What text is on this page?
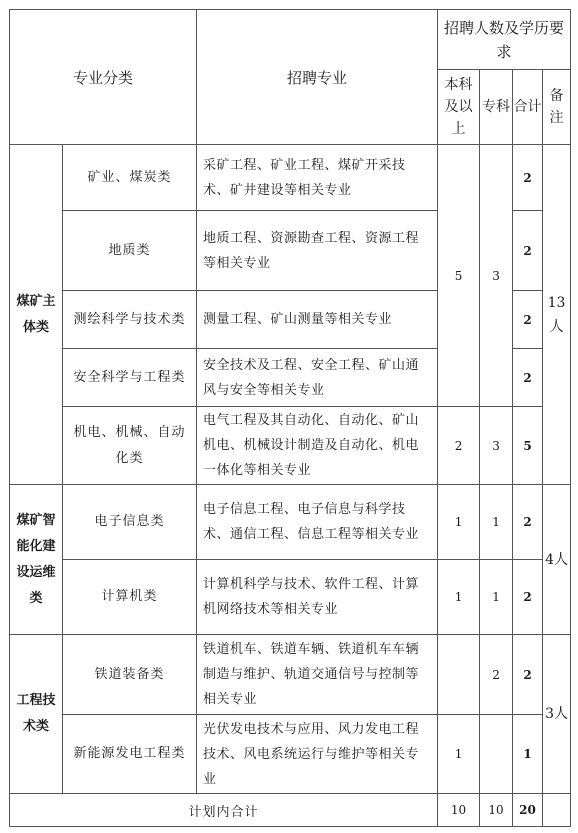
专业分类		招聘专业	招聘人数及学历要求			
			本科及以上	专科	合计	备注
煤矿主体类	矿业、煤炭类	采矿工程、矿业工程、煤矿开采技术、矿井建设等相关专业	5	3	2	13人
	地质类	地质工程、资源勘查工程、资源工程等相关专业			2	
	测绘科学与技术类	测量工程、矿山测量等相关专业			2	
	安全科学与工程类	安全技术及工程、安全工程、矿山通风与安全等相关专业			2	
	机电、机械、自动化类	电气工程及其自动化、自动化、矿山机电、机械设计制造及自动化、机电一体化等相关专业	2	3	5	
煤矿智能化建设运维类	电子信息类	电子信息工程、电子信息与科学技术、通信工程、信息工程等相关专业	1	1	2	4人
	计算机类	计算机科学与技术、软件工程、计算机网络技术等相关专业	1	1	2	
工程技术类	铁道装备类	铁道机车、铁道车辆、铁道机车车辆制造与维护、轨道交通信号与控制等相关专业		2	2	3人
	新能源发电工程类	光伏发电技术与应用、风力发电工程技术、风电系统运行与维护等相关专业	1		1	
计划内合计			10	10	20	
